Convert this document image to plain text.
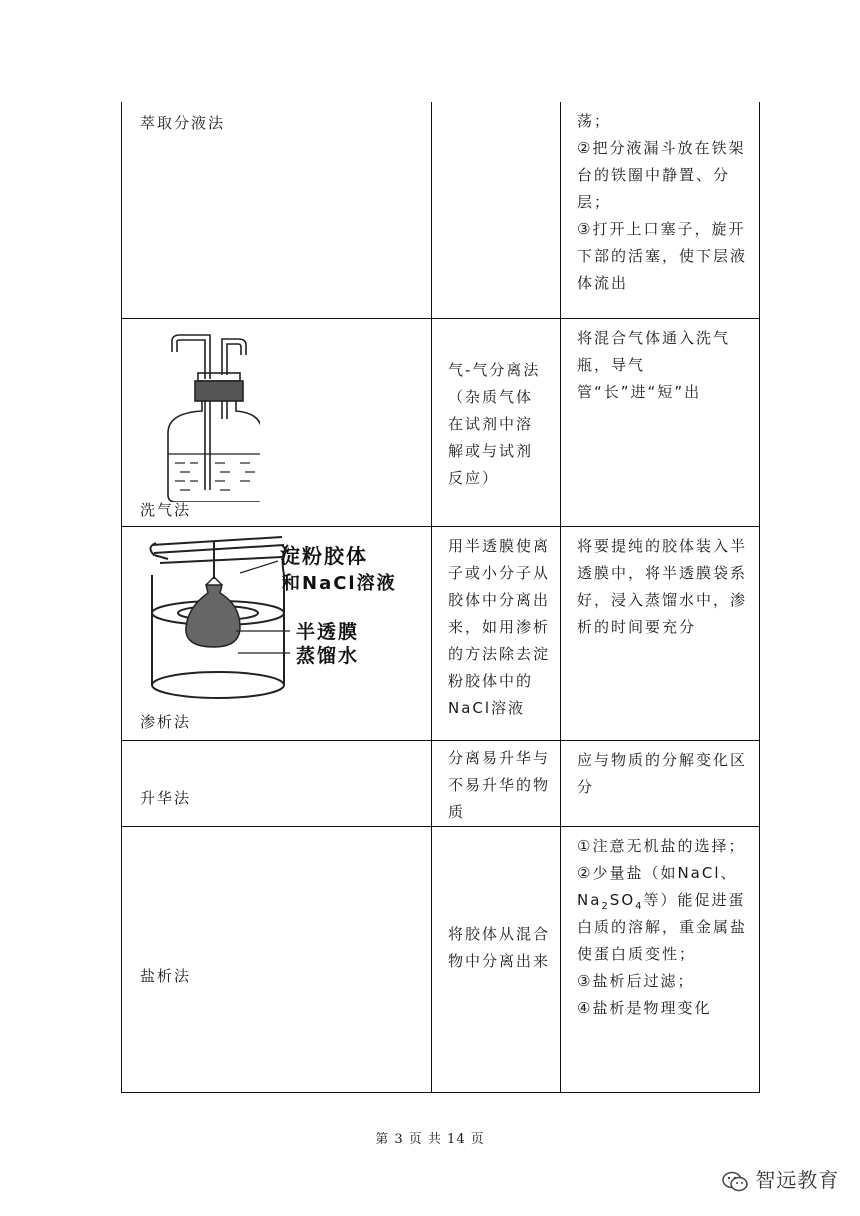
萃取分液法		荡；

②把分液漏斗放在铁架台的铁圈中静置、分层；

③打开上口塞子，旋开下部的活塞，使下层液体流出

洗气法	气-气分离法（杂质气体在试剂中溶解或与试剂反应）	将混合气体通入洗气瓶，导气管“长”进“短”出

淀粉胶体
和NaCl溶液
半透膜
蒸馏水
渗析法	用半透膜使离子或小分子从胶体中分离出来，如用渗析的方法除去淀粉胶体中的NaCl溶液	将要提纯的胶体装入半透膜中，将半透膜袋系好，浸入蒸馏水中，渗析的时间要充分

升华法	分离易升华与不易升华的物质	应与物质的分解变化区分

盐析法	将胶体从混合物中分离出来	①注意无机盐的选择；

②少量盐（如NaCl、$Na_2SO_4$等）能促进蛋白质的溶解，重金属盐使蛋白质变性；

③盐析后过滤；

④盐析是物理变化

第 3 页 共 14 页
智远教育
